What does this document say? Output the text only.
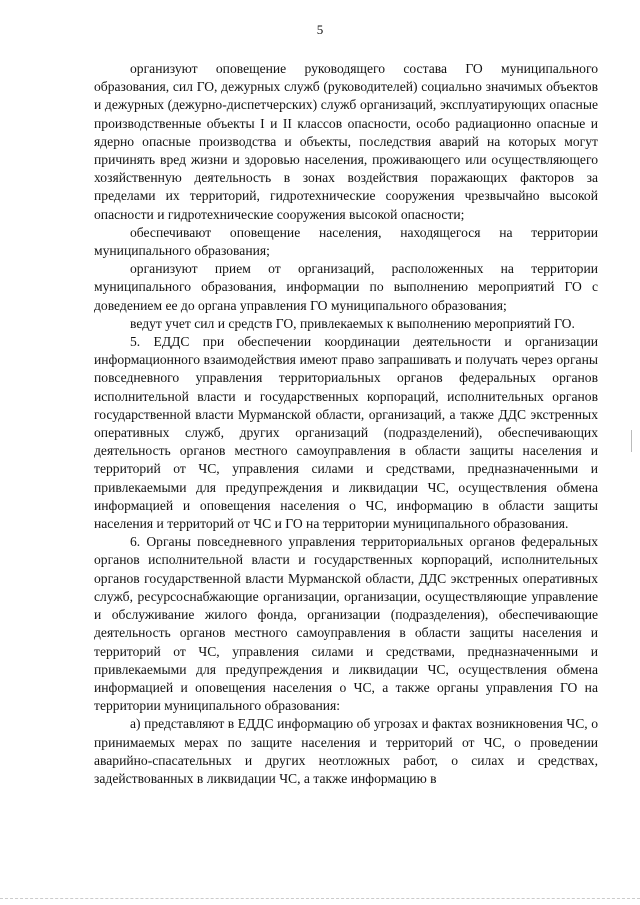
5

организуют оповещение руководящего состава ГО муниципального образования, сил ГО, дежурных служб (руководителей) социально значимых объектов и дежурных (дежурно-диспетчерских) служб организаций, эксплуатирующих опасные производственные объекты I и II классов опасности, особо радиационно опасные и ядерно опасные производства и объекты, последствия аварий на которых могут причинять вред жизни и здоровью населения, проживающего или осуществляющего хозяйственную деятельность в зонах воздействия поражающих факторов за пределами их территорий, гидротехнические сооружения чрезвычайно высокой опасности и гидротехнические сооружения высокой опасности;

обеспечивают оповещение населения, находящегося на территории муниципального образования;

организуют прием от организаций, расположенных на территории муниципального образования, информации по выполнению мероприятий ГО с доведением ее до органа управления ГО муниципального образования;

ведут учет сил и средств ГО, привлекаемых к выполнению мероприятий ГО.

5. ЕДДС при обеспечении координации деятельности и организации информационного взаимодействия имеют право запрашивать и получать через органы повседневного управления территориальных органов федеральных органов исполнительной власти и государственных корпораций, исполнительных органов государственной власти Мурманской области, организаций, а также ДДС экстренных оперативных служб, других организаций (подразделений), обеспечивающих деятельность органов местного самоуправления в области защиты населения и территорий от ЧС, управления силами и средствами, предназначенными и привлекаемыми для предупреждения и ликвидации ЧС, осуществления обмена информацией и оповещения населения о ЧС, информацию в области защиты населения и территорий от ЧС и ГО на территории муниципального образования.

6. Органы повседневного управления территориальных органов федеральных органов исполнительной власти и государственных корпораций, исполнительных органов государственной власти Мурманской области, ДДС экстренных оперативных служб, ресурсоснабжающие организации, организации, осуществляющие управление и обслуживание жилого фонда, организации (подразделения), обеспечивающие деятельность органов местного самоуправления в области защиты населения и территорий от ЧС, управления силами и средствами, предназначенными и привлекаемыми для предупреждения и ликвидации ЧС, осуществления обмена информацией и оповещения населения о ЧС, а также органы управления ГО на территории муниципального образования:

а) представляют в ЕДДС информацию об угрозах и фактах возникновения ЧС, о принимаемых мерах по защите населения и территорий от ЧС, о проведении аварийно-спасательных и других неотложных работ, о силах и средствах, задействованных в ликвидации ЧС, а также информацию в
